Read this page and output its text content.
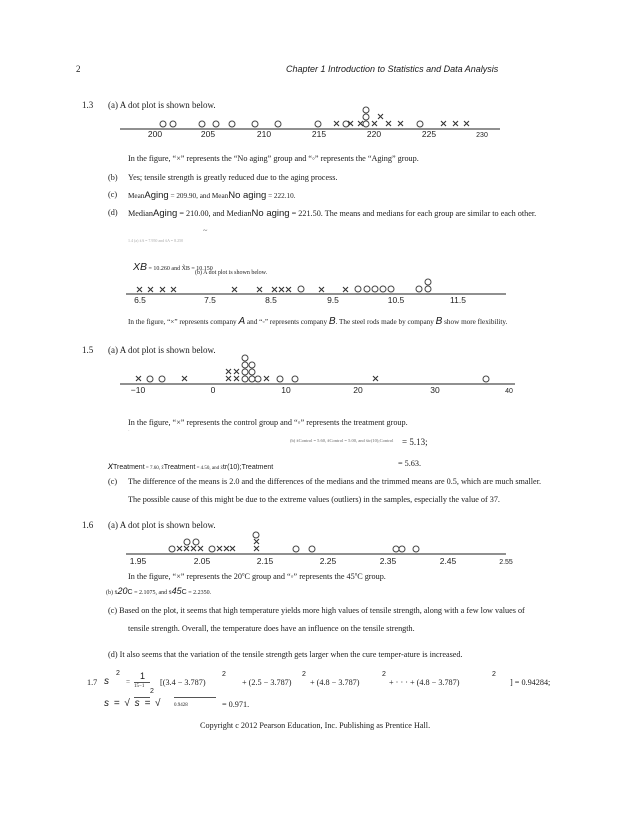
2	Chapter 1 Introduction to Statistics and Data Analysis
1.3 (a) A dot plot is shown below.
200	205	210	215	220	225	230
In the figure, “×” represents the “No aging” group and “◦” represents the “Aging” group.
(b) Yes; tensile strength is greatly reduced due to the aging process.
(c) MeanAging = 209.90, and MeanNo aging = 222.10.
(d) MedianAging = 210.00, and MedianNo aging = 221.50. The means and medians for each group are similar to each other.
~
1.4 (a) x̄A = 7.950 and x̃A = 8.250
XB = 10.260 and X̃B = 10.150
(b) A dot plot is shown below.
6.5	7.5	8.5	9.5	10.5	11.5
In the figure, “×” represents company A and “◦” represents company B. The steel rods made by company B show more flexibility.
1.5 (a) A dot plot is shown below.
−10	0	10	20	30	40
In the figure, “×” represents the control group and “◦” represents the treatment group.
-
(b) x̄Control = 5.60, x̃Control = 5.00, and x̄tr(10);Control = 5.13;
xTreatment = 7.60, x̃Treatment = 4.50, and x̄tr(10);Treatment	= 5.63.
(c) The difference of the means is 2.0 and the differences of the medians and the trimmed means are 0.5, which are much smaller.
The possible cause of this might be due to the extreme values (outliers) in the samples, especially the value of 37.
1.6 (a) A dot plot is shown below.
1.95	2.05	2.15	2.25	2.35	2.45	2.55
In the figure, “×” represents the 20$^o$C group and “◦” represents the 45$^o$C group.
(b) x̄20C = 2.1075, and x̄45C = 2.2350.
(c) Based on the plot, it seems that high temperature yields more high values of tensile strength, along with a few low values of
tensile strength. Overall, the temperature does have an influence on the tensile strength.
(d) It also seems that the variation of the tensile strength gets larger when the cure temper-ature is increased.
1.7 s
2
=
1
15−1 [(3.4 − 3.787)
2
+ (2.5 − 3.787)
2
+ (4.8 − 3.787)
2
+ · · · + (4.8 − 3.787)
2
] = 0.94284;
s = √ s = √
2
0.9428	= 0.971.
Copyright c 2012 Pearson Education, Inc. Publishing as Prentice Hall.
